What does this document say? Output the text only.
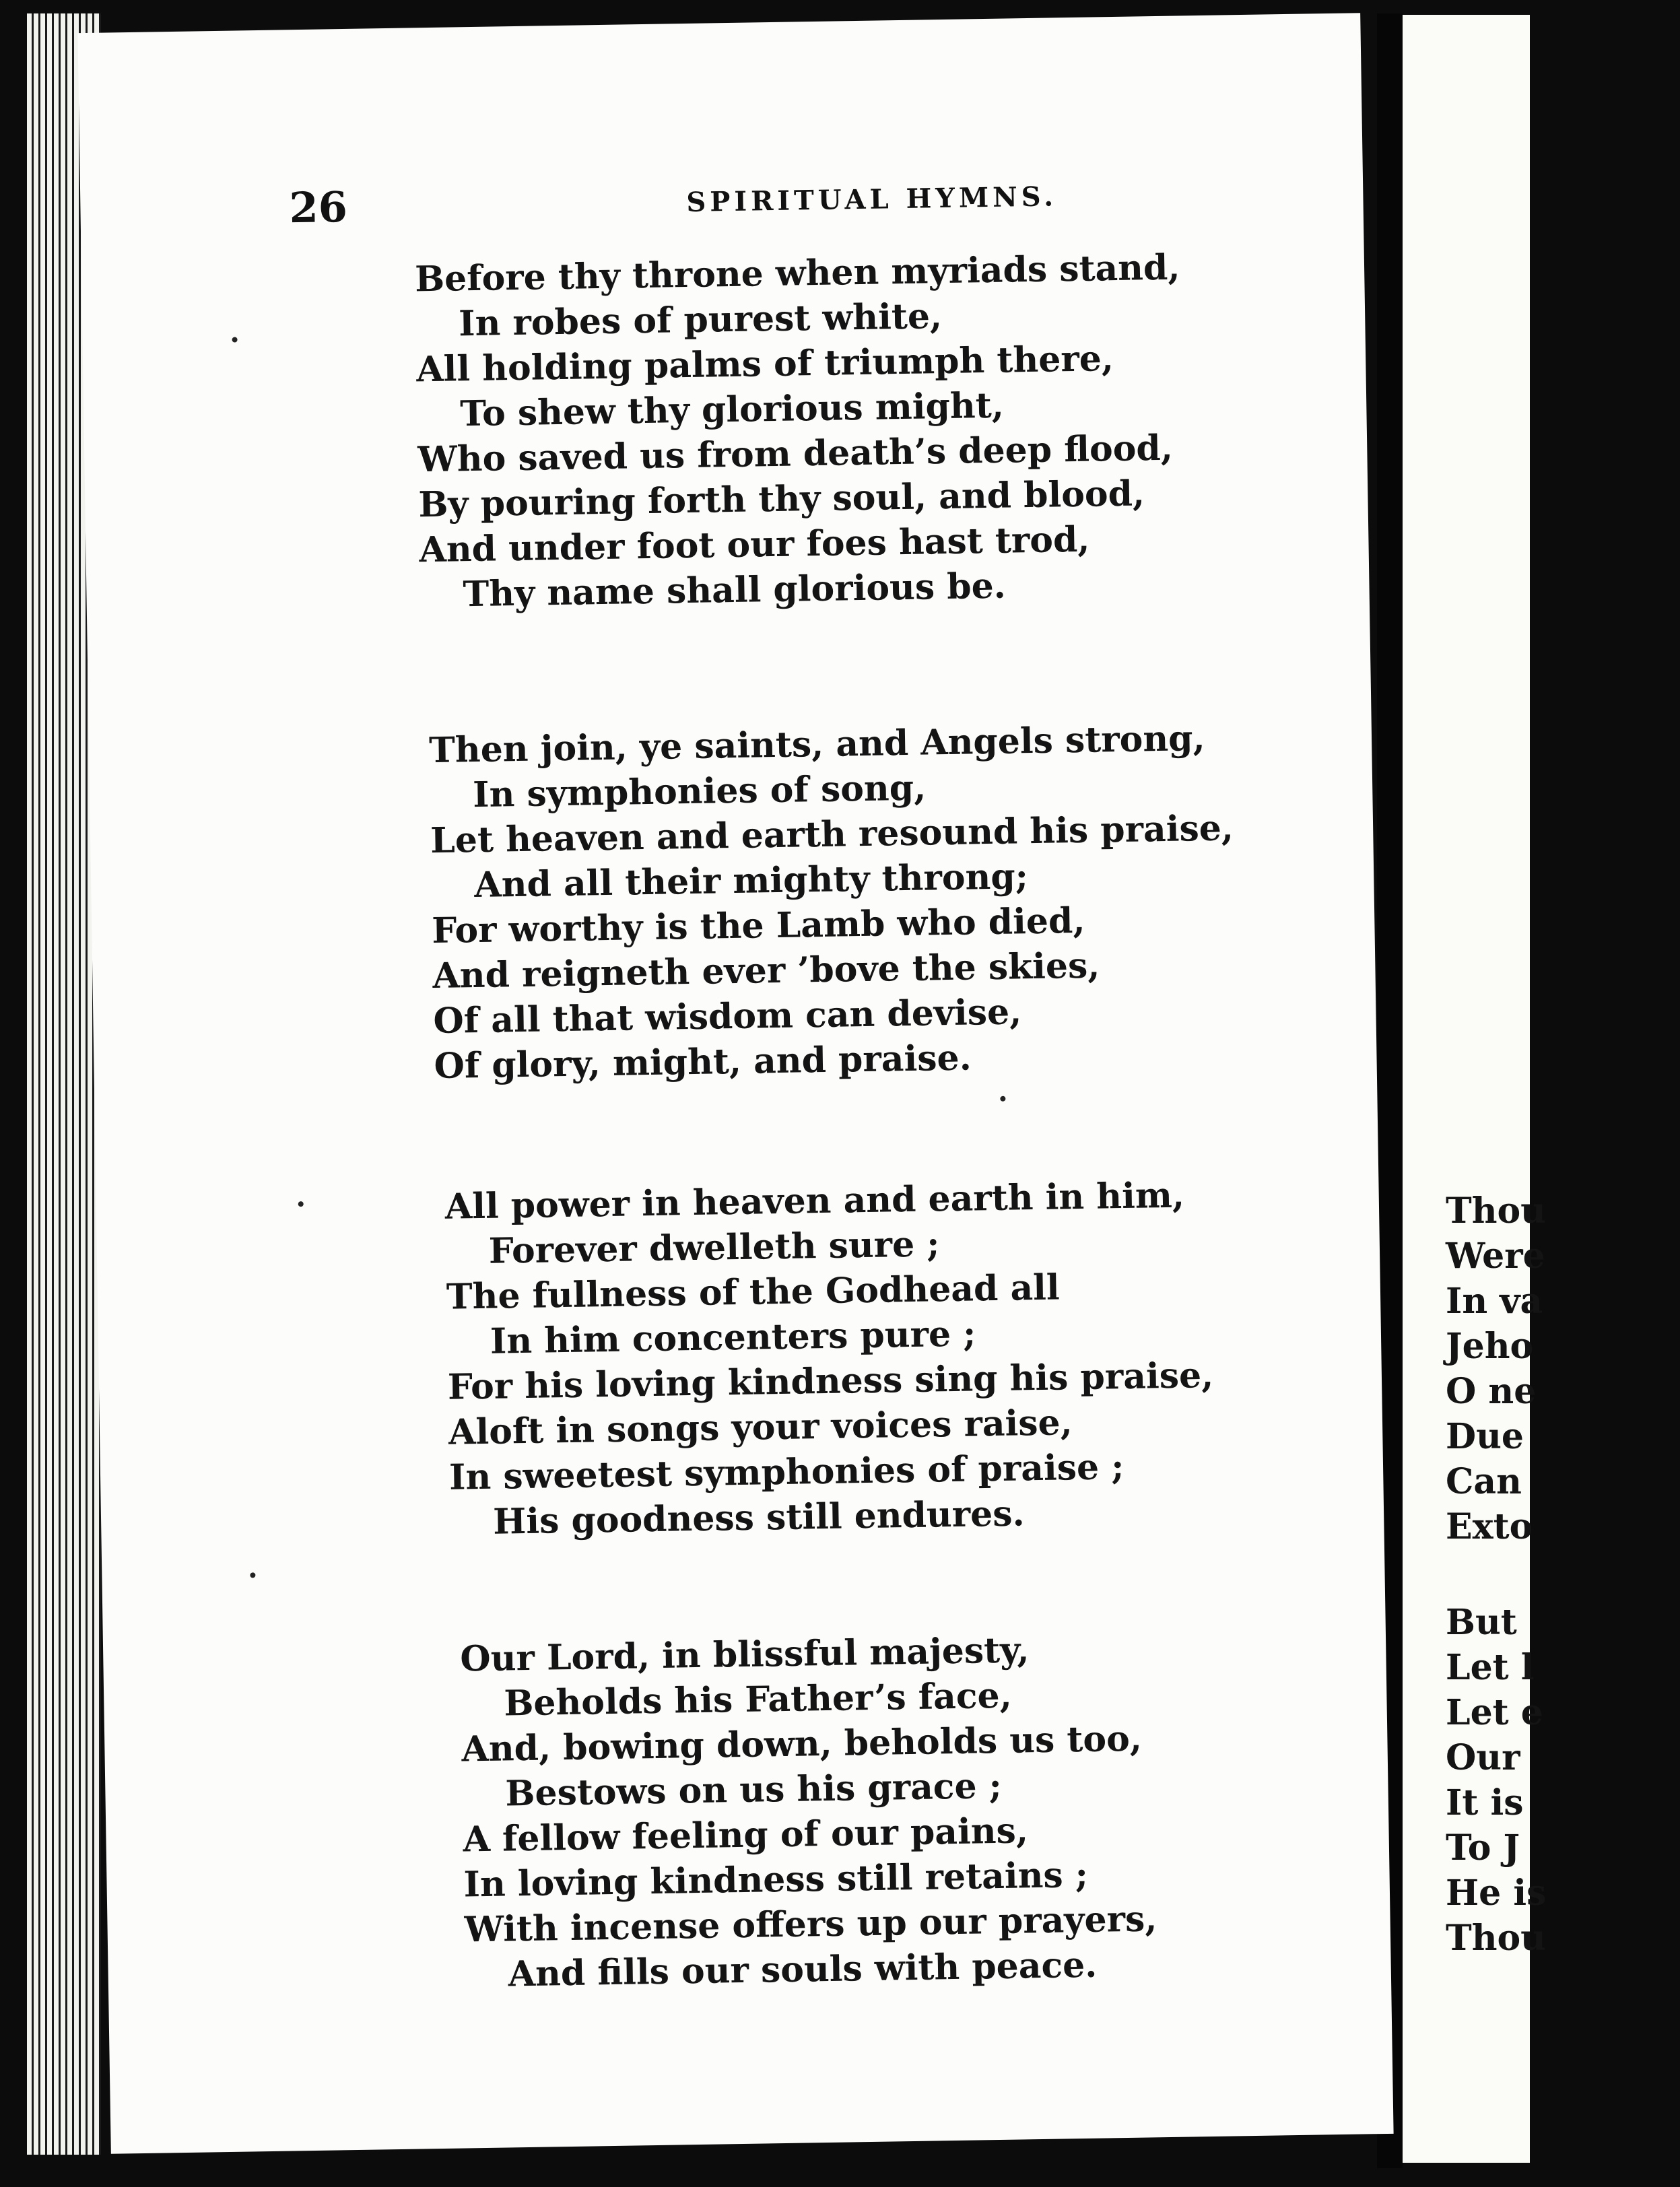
Thou
Were
In va
Jeho
O ne
Due
Can
Exto
But
Let l
Let e
Our
It is
To J
He is
Thou
26	SPIRITUAL HYMNS.
Before thy throne when myriads stand,
In robes of purest white,
All holding palms of triumph there,
To shew thy glorious might,
Who saved us from death’s deep flood,
By pouring forth thy soul, and blood,
And under foot our foes hast trod,
Thy name shall glorious be.
Then join, ye saints, and Angels strong,
In symphonies of song,
Let heaven and earth resound his praise,
And all their mighty throng;
For worthy is the Lamb who died,
And reigneth ever ’bove the skies,
Of all that wisdom can devise,
Of glory, might, and praise.
All power in heaven and earth in him,
Forever dwelleth sure ;
The fullness of the Godhead all
In him concenters pure ;
For his loving kindness sing his praise,
Aloft in songs your voices raise,
In sweetest symphonies of praise ;
His goodness still endures.
Our Lord, in blissful majesty,
Beholds his Father’s face,
And, bowing down, beholds us too,
Bestows on us his grace ;
A fellow feeling of our pains,
In loving kindness still retains ;
With incense offers up our prayers,
And fills our souls with peace.
